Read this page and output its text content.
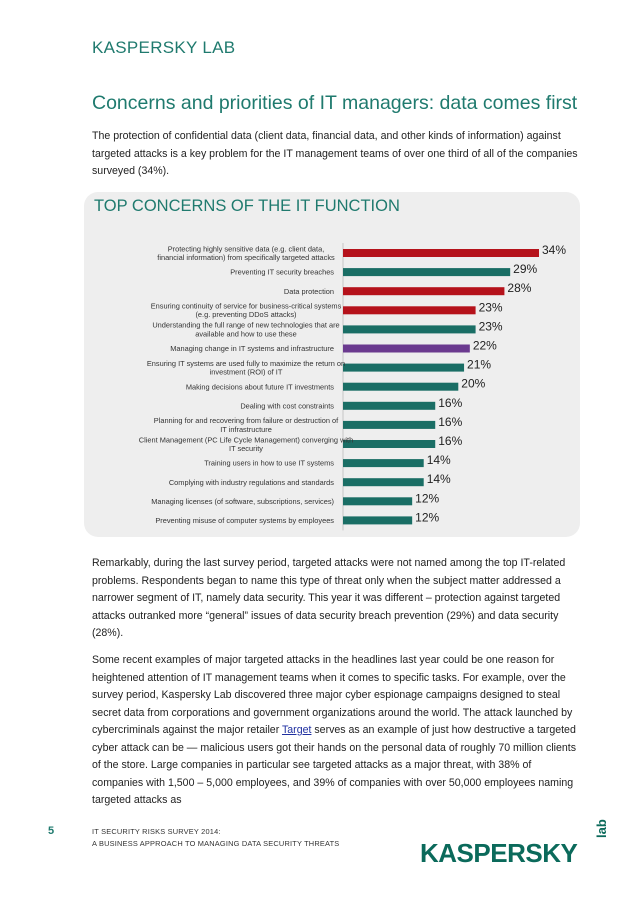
KASPERSKY LAB
Concerns and priorities of IT managers: data comes first

The protection of confidential data (client data, financial data, and other kinds of information) against targeted attacks is a key problem for the IT management teams of over one third of all of the companies surveyed (34%).

TOP CONCERNS OF THE IT FUNCTION
34%
Protecting highly sensitive data (e.g. client data, financial information) from specifically targeted attacks
29%
Preventing IT security breaches
28%
Data protection
23%
Ensuring continuity of service for business-critical systems (e.g. preventing DDoS attacks)
23%
Understanding the full range of new technologies that are available and how to use these
22%
Managing change in IT systems and infrastructure
21%
Ensuring IT systems are used fully to maximize the return on investment (ROI) of IT
20%
Making decisions about future IT investments
16%
Dealing with cost constraints
16%
Planning for and recovering from failure or destruction of IT infrastructure
16%
Client Management (PC Life Cycle Management) converging with IT security
14%
Training users in how to use IT systems
14%
Complying with industry regulations and standards
12%
Managing licenses (of software, subscriptions, services)
12%
Preventing misuse of computer systems by employees

Remarkably, during the last survey period, targeted attacks were not named among the top IT-related problems. Respondents began to name this type of threat only when the subject matter addressed a narrower segment of IT, namely data security. This year it was different – protection against targeted attacks outranked more “general” issues of data security breach prevention (29%) and data security (28%).

Some recent examples of major targeted attacks in the headlines last year could be one reason for heightened attention of IT management teams when it comes to specific tasks. For example, over the survey period, Kaspersky Lab discovered three major cyber espionage campaigns designed to steal secret data from corporations and government organizations around the world. The attack launched by cybercriminals against the major retailer Target serves as an example of just how destructive a targeted cyber attack can be — malicious users got their hands on the personal data of roughly 70 million clients of the store. Large companies in particular see targeted attacks as a major threat, with 38% of companies with 1,500 – 5,000 employees, and 39% of companies with over 50,000 employees naming targeted attacks as

5	IT SECURITY RISKS SURVEY 2014:
A BUSINESS APPROACH TO MANAGING DATA SECURITY THREATS	KASPERSKY
lab
